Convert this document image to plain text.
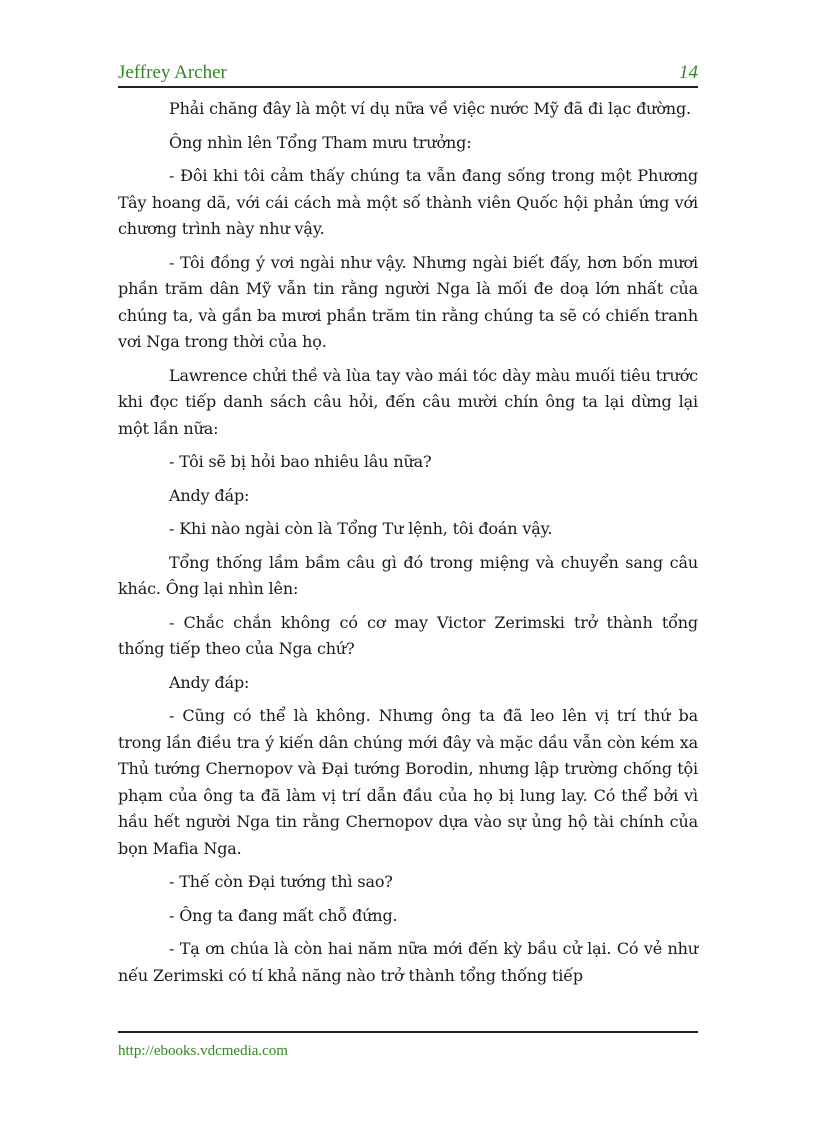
Jeffrey Archer	14

Phải chăng đây là một ví dụ nữa về việc nước Mỹ đã đi lạc đường.

Ông nhìn lên Tổng Tham mưu trưởng:

- Đôi khi tôi cảm thấy chúng ta vẫn đang sống trong một Phương Tây hoang dã, với cái cách mà một số thành viên Quốc hội phản ứng với chương trình này như vậy.

- Tôi đồng ý vơi ngài như vậy. Nhưng ngài biết đấy, hơn bốn mươi phần trăm dân Mỹ vẫn tin rằng người Nga là mối đe doạ lớn nhất của chúng ta, và gần ba mươi phần trăm tin rằng chúng ta sẽ có chiến tranh vơi Nga trong thời của họ.

Lawrence chửi thề và lùa tay vào mái tóc dày màu muối tiêu trước khi đọc tiếp danh sách câu hỏi, đến câu mười chín ông ta lại dừng lại một lần nữa:

- Tôi sẽ bị hỏi bao nhiêu lâu nữa?

Andy đáp:

- Khi nào ngài còn là Tổng Tư lệnh, tôi đoán vậy.

Tổng thống lầm bầm câu gì đó trong miệng và chuyển sang câu khác. Ông lại nhìn lên:

- Chắc chắn không có cơ may Victor Zerimski trở thành tổng thống tiếp theo của Nga chứ?

Andy đáp:

- Cũng có thể là không. Nhưng ông ta đã leo lên vị trí thứ ba trong lần điều tra ý kiến dân chúng mới đây và mặc dầu vẫn còn kém xa Thủ tướng Chernopov và Đại tướng Borodin, nhưng lập trường chống tội phạm của ông ta đã làm vị trí dẫn đầu của họ bị lung lay. Có thể bởi vì hầu hết người Nga tin rằng Chernopov dựa vào sự ủng hộ tài chính của bọn Mafia Nga.

- Thế còn Đại tướng thì sao?

- Ông ta đang mất chỗ đứng.

- Tạ ơn chúa là còn hai năm nữa mới đến kỳ bầu cử lại. Có vẻ như nếu Zerimski có tí khả năng nào trở thành tổng thống tiếp

http://ebooks.vdcmedia.com
